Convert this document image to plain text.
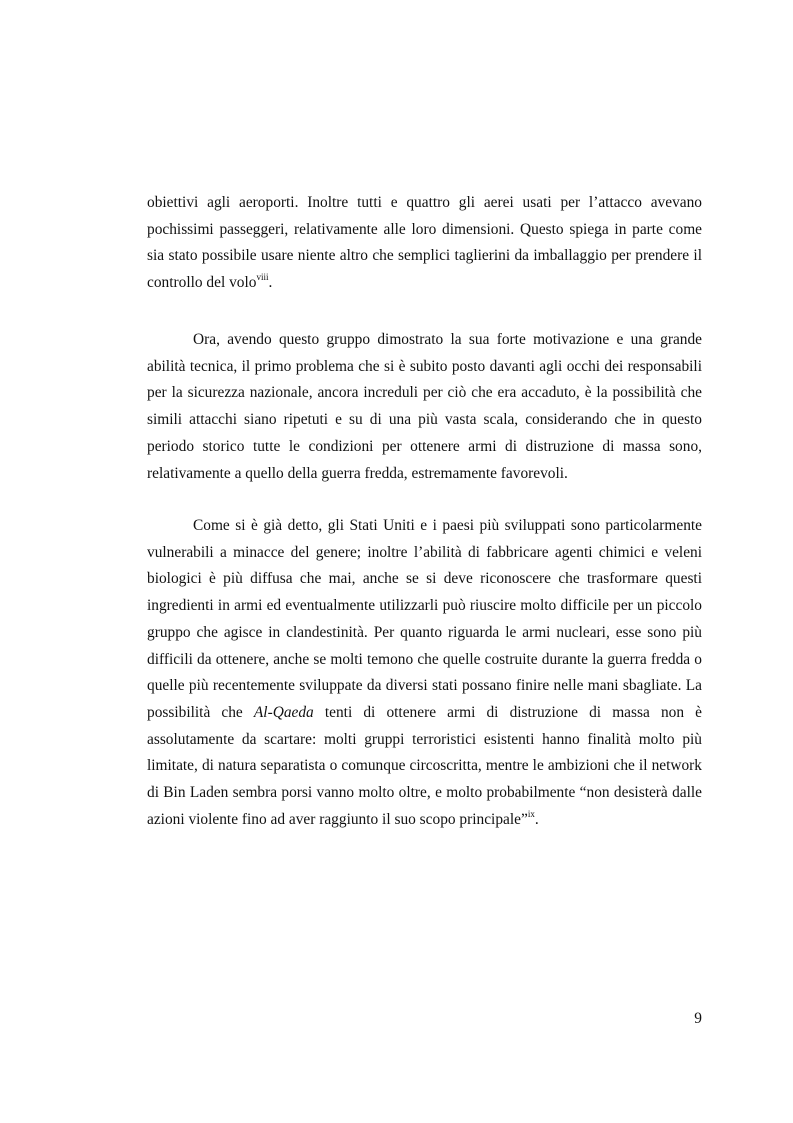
obiettivi agli aeroporti. Inoltre tutti e quattro gli aerei usati per l’attacco avevano pochissimi passeggeri, relativamente alle loro dimensioni. Questo spiega in parte come sia stato possibile usare niente altro che semplici taglierini da imballaggio per prendere il controllo del volo$^{viii}$.

Ora, avendo questo gruppo dimostrato la sua forte motivazione e una grande abilità tecnica, il primo problema che si è subito posto davanti agli occhi dei responsabili per la sicurezza nazionale, ancora increduli per ciò che era accaduto, è la possibilità che simili attacchi siano ripetuti e su di una più vasta scala, considerando che in questo periodo storico tutte le condizioni per ottenere armi di distruzione di massa sono, relativamente a quello della guerra fredda, estremamente favorevoli.

Come si è già detto, gli Stati Uniti e i paesi più sviluppati sono particolarmente vulnerabili a minacce del genere; inoltre l’abilità di fabbricare agenti chimici e veleni biologici è più diffusa che mai, anche se si deve riconoscere che trasformare questi ingredienti in armi ed eventualmente utilizzarli può riuscire molto difficile per un piccolo gruppo che agisce in clandestinità. Per quanto riguarda le armi nucleari, esse sono più difficili da ottenere, anche se molti temono che quelle costruite durante la guerra fredda o quelle più recentemente sviluppate da diversi stati possano finire nelle mani sbagliate. La possibilità che Al-Qaeda tenti di ottenere armi di distruzione di massa non è assolutamente da scartare: molti gruppi terroristici esistenti hanno finalità molto più limitate, di natura separatista o comunque circoscritta, mentre le ambizioni che il network di Bin Laden sembra porsi vanno molto oltre, e molto probabilmente “non desisterà dalle azioni violente fino ad aver raggiunto il suo scopo principale”$^{ix}$.

9
